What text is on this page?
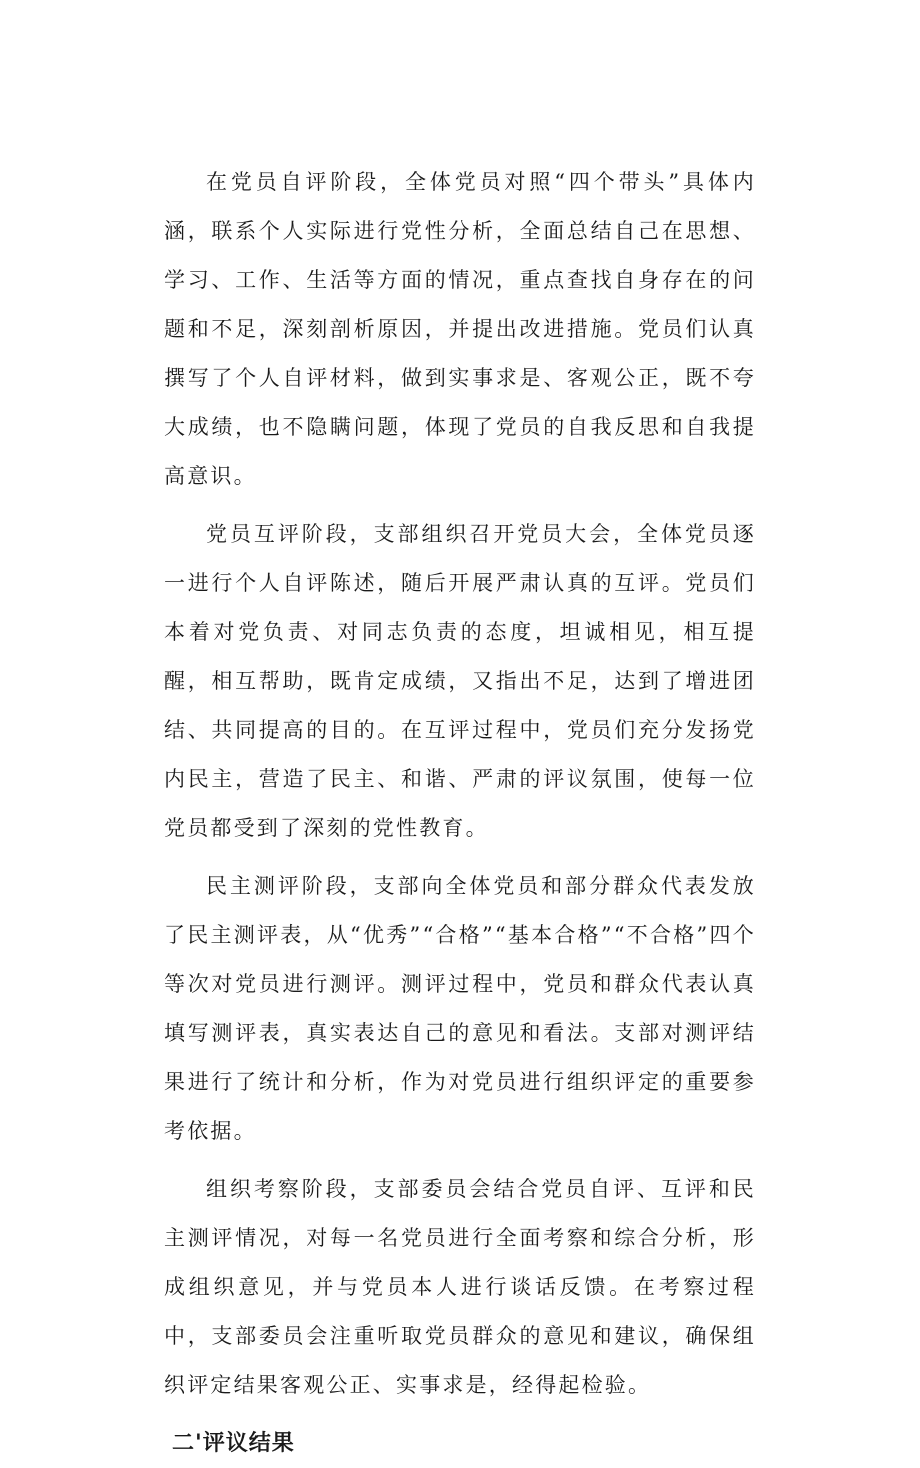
在党员自评阶段，全体党员对照“四个带头”具体内涵，联系个人实际进行党性分析，全面总结自己在思想、学习、工作、生活等方面的情况，重点查找自身存在的问题和不足，深刻剖析原因，并提出改进措施。党员们认真撰写了个人自评材料，做到实事求是、客观公正，既不夸大成绩，也不隐瞒问题，体现了党员的自我反思和自我提高意识。

党员互评阶段，支部组织召开党员大会，全体党员逐一进行个人自评陈述，随后开展严肃认真的互评。党员们本着对党负责、对同志负责的态度，坦诚相见，相互提醒，相互帮助，既肯定成绩，又指出不足，达到了增进团结、共同提高的目的。在互评过程中，党员们充分发扬党内民主，营造了民主、和谐、严肃的评议氛围，使每一位党员都受到了深刻的党性教育。

民主测评阶段，支部向全体党员和部分群众代表发放了民主测评表，从“优秀”“合格”“基本合格”“不合格”四个等次对党员进行测评。测评过程中，党员和群众代表认真填写测评表，真实表达自己的意见和看法。支部对测评结果进行了统计和分析，作为对党员进行组织评定的重要参考依据。

组织考察阶段，支部委员会结合党员自评、互评和民主测评情况，对每一名党员进行全面考察和综合分析，形成组织意见，并与党员本人进行谈话反馈。在考察过程中，支部委员会注重听取党员群众的意见和建议，确保组织评定结果客观公正、实事求是，经得起检验。

二'评议结果
